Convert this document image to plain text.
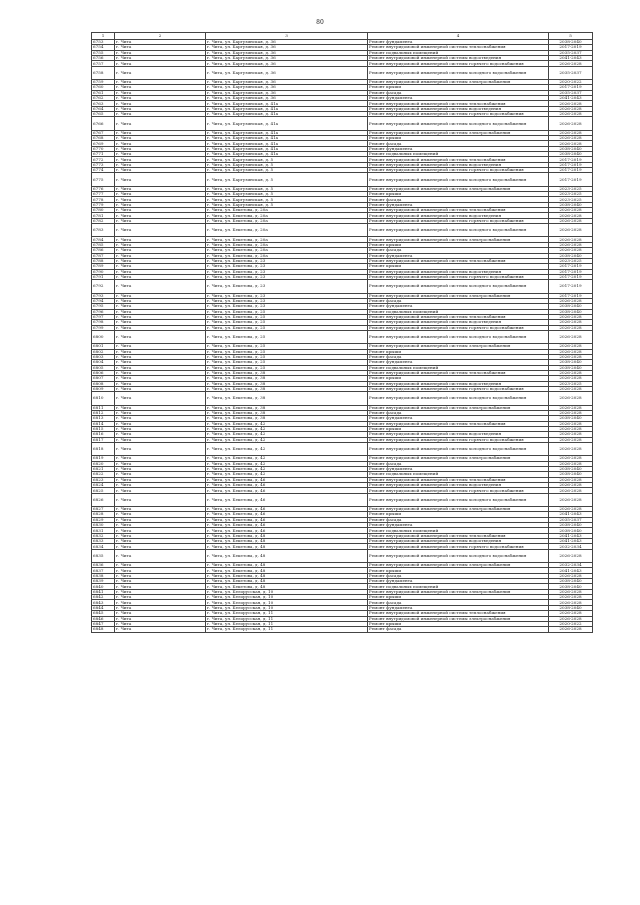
80
1	2	3	4	5
6753	г. Чита	г. Чита, ул. Баргузинская, д. 36	Ремонт фундамента	2038-2040
6754	г. Чита	г. Чита, ул. Баргузинская, д. 36	Ремонт внутридомовой инженерной системы теплоснабжения	2017-2019
6755	г. Чита	г. Чита, ул. Баргузинская, д. 36	Ремонт подвальных помещений	2035-2037
6756	г. Чита	г. Чита, ул. Баргузинская, д. 36	Ремонт внутридомовой инженерной системы водоотведения	2041-2043
6757	г. Чита	г. Чита, ул. Баргузинская, д. 36	Ремонт внутридомовой инженерной системы горячего водоснабжения	2026-2028
6758	г. Чита	г. Чита, ул. Баргузинская, д. 36	Ремонт внутридомовой инженерной системы холодного водоснабжения	2035-2037
6759	г. Чита	г. Чита, ул. Баргузинская, д. 36	Ремонт внутридомовой инженерной системы электроснабжения	2020-2022
6760	г. Чита	г. Чита, ул. Баргузинская, д. 36	Ремонт крыши	2017-2019
6761	г. Чита	г. Чита, ул. Баргузинская, д. 36	Ремонт фасада	2035-2037
6762	г. Чита	г. Чита, ул. Баргузинская, д. 36	Ремонт фундамента	2041-2043
6763	г. Чита	г. Чита, ул. Баргузинская, д. 41а	Ремонт внутридомовой инженерной системы теплоснабжения	2026-2028
6764	г. Чита	г. Чита, ул. Баргузинская, д. 41а	Ремонт внутридомовой инженерной системы водоотведения	2026-2028
6765	г. Чита	г. Чита, ул. Баргузинская, д. 41а	Ремонт внутридомовой инженерной системы горячего водоснабжения	2026-2028
6766	г. Чита	г. Чита, ул. Баргузинская, д. 41а	Ремонт внутридомовой инженерной системы холодного водоснабжения	2026-2028
6767	г. Чита	г. Чита, ул. Баргузинская, д. 41а	Ремонт внутридомовой инженерной системы электроснабжения	2026-2028
6768	г. Чита	г. Чита, ул. Баргузинская, д. 41а	Ремонт крыши	2026-2028
6769	г. Чита	г. Чита, ул. Баргузинская, д. 41а	Ремонт фасада	2026-2028
6770	г. Чита	г. Чита, ул. Баргузинская, д. 41а	Ремонт фундамента	2038-2040
6771	г. Чита	г. Чита, ул. Баргузинская, д. 41а	Ремонт подвальных помещений	2038-2040
6772	г. Чита	г. Чита, ул. Баргузинская, д. 5	Ремонт внутридомовой инженерной системы теплоснабжения	2017-2019
6773	г. Чита	г. Чита, ул. Баргузинская, д. 5	Ремонт внутридомовой инженерной системы водоотведения	2017-2019
6774	г. Чита	г. Чита, ул. Баргузинская, д. 5	Ремонт внутридомовой инженерной системы горячего водоснабжения	2017-2019
6775	г. Чита	г. Чита, ул. Баргузинская, д. 5	Ремонт внутридомовой инженерной системы холодного водоснабжения	2017-2019
6776	г. Чита	г. Чита, ул. Баргузинская, д. 5	Ремонт внутридомовой инженерной системы электроснабжения	2023-2025
6777	г. Чита	г. Чита, ул. Баргузинская, д. 5	Ремонт крыши	2023-2025
6778	г. Чита	г. Чита, ул. Баргузинская, д. 5	Ремонт фасада	2023-2025
6779	г. Чита	г. Чита, ул. Баргузинская, д. 5	Ремонт фундамента	2038-2040
6780	г. Чита	г. Чита, ул. Бекетова, д. 20а	Ремонт внутридомовой инженерной системы теплоснабжения	2026-2028
6781	г. Чита	г. Чита, ул. Бекетова, д. 20а	Ремонт внутридомовой инженерной системы водоотведения	2026-2028
6782	г. Чита	г. Чита, ул. Бекетова, д. 20а	Ремонт внутридомовой инженерной системы горячего водоснабжения	2026-2028
6783	г. Чита	г. Чита, ул. Бекетова, д. 20а	Ремонт внутридомовой инженерной системы холодного водоснабжения	2026-2028
6784	г. Чита	г. Чита, ул. Бекетова, д. 20а	Ремонт внутридомовой инженерной системы электроснабжения	2026-2028
6785	г. Чита	г. Чита, ул. Бекетова, д. 20а	Ремонт крыши	2026-2028
6786	г. Чита	г. Чита, ул. Бекетова, д. 20а	Ремонт фасада	2026-2028
6787	г. Чита	г. Чита, ул. Бекетова, д. 20а	Ремонт фундамента	2038-2040
6788	г. Чита	г. Чита, ул. Бекетова, д. 23	Ремонт внутридомовой инженерной системы теплоснабжения	2023-2025
6789	г. Чита	г. Чита, ул. Бекетова, д. 23	Ремонт крыши	2017-2019
6790	г. Чита	г. Чита, ул. Бекетова, д. 23	Ремонт внутридомовой инженерной системы водоотведения	2017-2019
6791	г. Чита	г. Чита, ул. Бекетова, д. 23	Ремонт внутридомовой инженерной системы горячего водоснабжения	2017-2019
6792	г. Чита	г. Чита, ул. Бекетова, д. 23	Ремонт внутридомовой инженерной системы холодного водоснабжения	2017-2019
6793	г. Чита	г. Чита, ул. Бекетова, д. 23	Ремонт внутридомовой инженерной системы электроснабжения	2017-2019
6794	г. Чита	г. Чита, ул. Бекетова, д. 23	Ремонт фасада	2026-2028
6795	г. Чита	г. Чита, ул. Бекетова, д. 23	Ремонт фундамента	2038-2040
6796	г. Чита	г. Чита, ул. Бекетова, д. 25	Ремонт подвальных помещений	2038-2040
6797	г. Чита	г. Чита, ул. Бекетова, д. 25	Ремонт внутридомовой инженерной системы теплоснабжения	2026-2028
6798	г. Чита	г. Чита, ул. Бекетова, д. 25	Ремонт внутридомовой инженерной системы водоотведения	2026-2028
6799	г. Чита	г. Чита, ул. Бекетова, д. 25	Ремонт внутридомовой инженерной системы горячего водоснабжения	2026-2028
6800	г. Чита	г. Чита, ул. Бекетова, д. 25	Ремонт внутридомовой инженерной системы холодного водоснабжения	2026-2028
6801	г. Чита	г. Чита, ул. Бекетова, д. 25	Ремонт внутридомовой инженерной системы электроснабжения	2026-2028
6802	г. Чита	г. Чита, ул. Бекетова, д. 25	Ремонт крыши	2026-2028
6803	г. Чита	г. Чита, ул. Бекетова, д. 25	Ремонт фасада	2026-2028
6804	г. Чита	г. Чита, ул. Бекетова, д. 25	Ремонт фундамента	2038-2040
6805	г. Чита	г. Чита, ул. Бекетова, д. 25	Ремонт подвальных помещений	2038-2040
6806	г. Чита	г. Чита, ул. Бекетова, д. 38	Ремонт внутридомовой инженерной системы теплоснабжения	2026-2028
6807	г. Чита	г. Чита, ул. Бекетова, д. 38	Ремонт крыши	2026-2028
6808	г. Чита	г. Чита, ул. Бекетова, д. 38	Ремонт внутридомовой инженерной системы водоотведения	2023-2025
6809	г. Чита	г. Чита, ул. Бекетова, д. 38	Ремонт внутридомовой инженерной системы горячего водоснабжения	2026-2028
6810	г. Чита	г. Чита, ул. Бекетова, д. 38	Ремонт внутридомовой инженерной системы холодного водоснабжения	2026-2028
6811	г. Чита	г. Чита, ул. Бекетова, д. 38	Ремонт внутридомовой инженерной системы электроснабжения	2026-2028
6812	г. Чита	г. Чита, ул. Бекетова, д. 38	Ремонт фасада	2026-2028
6813	г. Чита	г. Чита, ул. Бекетова, д. 38	Ремонт фундамента	2038-2040
6814	г. Чита	г. Чита, ул. Бекетова, д. 42	Ремонт внутридомовой инженерной системы теплоснабжения	2026-2028
6815	г. Чита	г. Чита, ул. Бекетова, д. 42	Ремонт крыши	2026-2028
6816	г. Чита	г. Чита, ул. Бекетова, д. 42	Ремонт внутридомовой инженерной системы водоотведения	2026-2028
6817	г. Чита	г. Чита, ул. Бекетова, д. 42	Ремонт внутридомовой инженерной системы горячего водоснабжения	2026-2028
6818	г. Чита	г. Чита, ул. Бекетова, д. 42	Ремонт внутридомовой инженерной системы холодного водоснабжения	2026-2028
6819	г. Чита	г. Чита, ул. Бекетова, д. 42	Ремонт внутридомовой инженерной системы электроснабжения	2026-2028
6820	г. Чита	г. Чита, ул. Бекетова, д. 42	Ремонт фасада	2026-2028
6821	г. Чита	г. Чита, ул. Бекетова, д. 42	Ремонт фундамента	2038-2040
6822	г. Чита	г. Чита, ул. Бекетова, д. 42	Ремонт подвальных помещений	2038-2040
6823	г. Чита	г. Чита, ул. Бекетова, д. 46	Ремонт внутридомовой инженерной системы теплоснабжения	2026-2028
6824	г. Чита	г. Чита, ул. Бекетова, д. 46	Ремонт внутридомовой инженерной системы водоотведения	2026-2028
6825	г. Чита	г. Чита, ул. Бекетова, д. 46	Ремонт внутридомовой инженерной системы горячего водоснабжения	2026-2028
6826	г. Чита	г. Чита, ул. Бекетова, д. 46	Ремонт внутридомовой инженерной системы холодного водоснабжения	2026-2028
6827	г. Чита	г. Чита, ул. Бекетова, д. 46	Ремонт внутридомовой инженерной системы электроснабжения	2026-2028
6828	г. Чита	г. Чита, ул. Бекетова, д. 46	Ремонт крыши	2041-2043
6829	г. Чита	г. Чита, ул. Бекетова, д. 46	Ремонт фасада	2035-2037
6830	г. Чита	г. Чита, ул. Бекетова, д. 46	Ремонт фундамента	2038-2040
6831	г. Чита	г. Чита, ул. Бекетова, д. 46	Ремонт подвальных помещений	2038-2040
6832	г. Чита	г. Чита, ул. Бекетова, д. 48	Ремонт внутридомовой инженерной системы теплоснабжения	2041-2043
6833	г. Чита	г. Чита, ул. Бекетова, д. 48	Ремонт внутридомовой инженерной системы водоотведения	2041-2043
6834	г. Чита	г. Чита, ул. Бекетова, д. 48	Ремонт внутридомовой инженерной системы горячего водоснабжения	2032-2034
6835	г. Чита	г. Чита, ул. Бекетова, д. 48	Ремонт внутридомовой инженерной системы холодного водоснабжения	2026-2028
6836	г. Чита	г. Чита, ул. Бекетова, д. 48	Ремонт внутридомовой инженерной системы электроснабжения	2032-2034
6837	г. Чита	г. Чита, ул. Бекетова, д. 48	Ремонт крыши	2041-2043
6838	г. Чита	г. Чита, ул. Бекетова, д. 48	Ремонт фасада	2026-2028
6839	г. Чита	г. Чита, ул. Бекетова, д. 48	Ремонт фундамента	2038-2040
6840	г. Чита	г. Чита, ул. Бекетова, д. 48	Ремонт подвальных помещений	2038-2040
6841	г. Чита	г. Чита, ул. Белорусская, д. 10	Ремонт внутридомовой инженерной системы электроснабжения	2026-2028
6842	г. Чита	г. Чита, ул. Белорусская, д. 10	Ремонт крыши	2026-2028
6843	г. Чита	г. Чита, ул. Белорусская, д. 10	Ремонт фасада	2026-2028
6844	г. Чита	г. Чита, ул. Белорусская, д. 10	Ремонт фундамента	2038-2040
6845	г. Чита	г. Чита, ул. Белорусская, д. 11	Ремонт внутридомовой инженерной системы теплоснабжения	2026-2028
6846	г. Чита	г. Чита, ул. Белорусская, д. 11	Ремонт внутридомовой инженерной системы электроснабжения	2026-2028
6847	г. Чита	г. Чита, ул. Белорусская, д. 11	Ремонт крыши	2020-2022
6848	г. Чита	г. Чита, ул. Белорусская, д. 11	Ремонт фасада	2026-2028
